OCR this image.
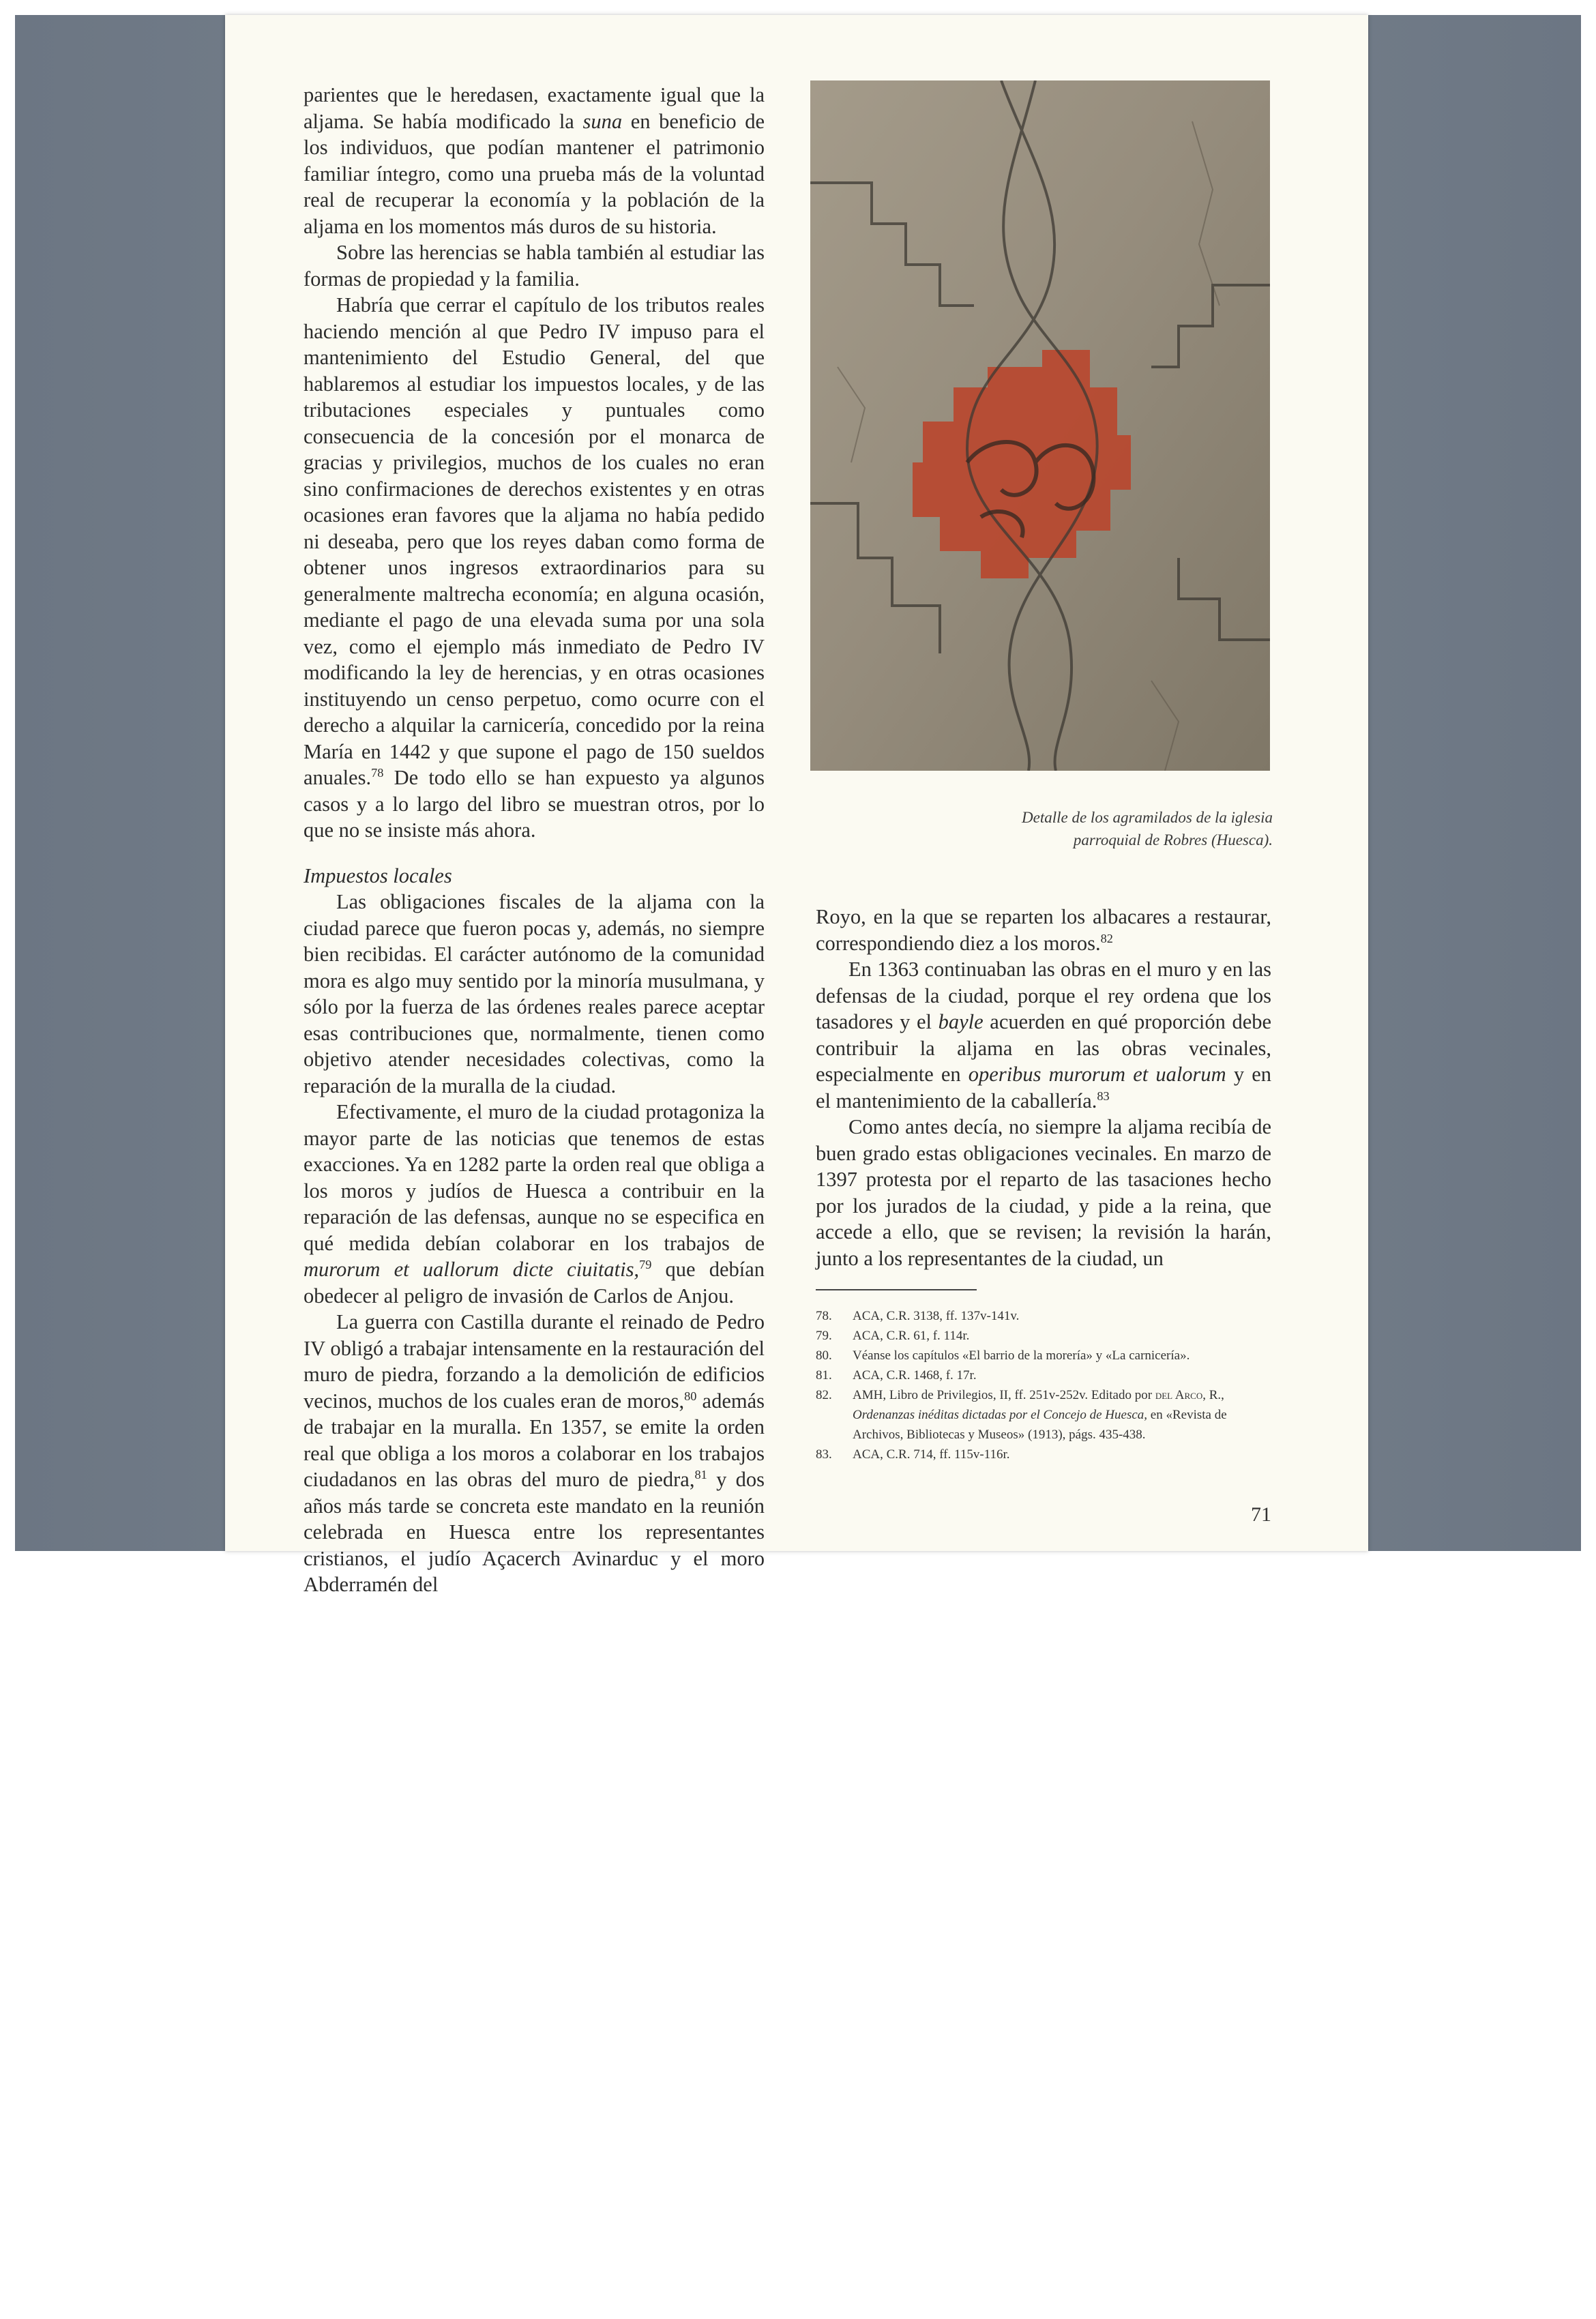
parientes que le heredasen, exactamente igual que la aljama. Se había modificado la suna en beneficio de los individuos, que podían mantener el patrimonio familiar íntegro, como una prueba más de la voluntad real de recuperar la economía y la población de la aljama en los momentos más duros de su historia.

Sobre las herencias se habla también al estudiar las formas de propiedad y la familia.

Habría que cerrar el capítulo de los tributos reales haciendo mención al que Pedro IV impuso para el mantenimiento del Estudio General, del que hablaremos al estudiar los impuestos locales, y de las tributaciones especiales y puntuales como consecuencia de la concesión por el monarca de gracias y privilegios, muchos de los cuales no eran sino confirmaciones de derechos existentes y en otras ocasiones eran favores que la aljama no había pedido ni deseaba, pero que los reyes daban como forma de obtener unos ingresos extraordinarios para su generalmente maltrecha economía; en alguna ocasión, mediante el pago de una elevada suma por una sola vez, como el ejemplo más inmediato de Pedro IV modificando la ley de herencias, y en otras ocasiones instituyendo un censo perpetuo, como ocurre con el derecho a alquilar la carnicería, concedido por la reina María en 1442 y que supone el pago de 150 sueldos anuales.$^{78}$ De todo ello se han expuesto ya algunos casos y a lo largo del libro se muestran otros, por lo que no se insiste más ahora.

Impuestos locales

Las obligaciones fiscales de la aljama con la ciudad parece que fueron pocas y, además, no siempre bien recibidas. El carácter autónomo de la comunidad mora es algo muy sentido por la minoría musulmana, y sólo por la fuerza de las órdenes reales parece aceptar esas contribuciones que, normalmente, tienen como objetivo atender necesidades colectivas, como la reparación de la muralla de la ciudad.

Efectivamente, el muro de la ciudad protagoniza la mayor parte de las noticias que tenemos de estas exacciones. Ya en 1282 parte la orden real que obliga a los moros y judíos de Huesca a contribuir en la reparación de las defensas, aunque no se especifica en qué medida debían colaborar en los trabajos de murorum et uallorum dicte ciuitatis,$^{79}$ que debían obedecer al peligro de invasión de Carlos de Anjou.

La guerra con Castilla durante el reinado de Pedro IV obligó a trabajar intensamente en la restauración del muro de piedra, forzando a la demolición de edificios vecinos, muchos de los cuales eran de moros,$^{80}$ además de trabajar en la muralla. En 1357, se emite la orden real que obliga a los moros a colaborar en los trabajos ciudadanos en las obras del muro de piedra,$^{81}$ y dos años más tarde se concreta este mandato en la reunión celebrada en Huesca entre los representantes cristianos, el judío Açacerch Avinarduc y el moro Abderramén del

Detalle de los agramilados de la iglesia parroquial de Robres (Huesca).

Royo, en la que se reparten los albacares a restaurar, correspondiendo diez a los moros.$^{82}$

En 1363 continuaban las obras en el muro y en las defensas de la ciudad, porque el rey ordena que los tasadores y el bayle acuerden en qué proporción debe contribuir la aljama en las obras vecinales, especialmente en operibus murorum et ualorum y en el mantenimiento de la caballería.$^{83}$

Como antes decía, no siempre la aljama recibía de buen grado estas obligaciones vecinales. En marzo de 1397 protesta por el reparto de las tasaciones hecho por los jurados de la ciudad, y pide a la reina, que accede a ello, que se revisen; la revisión la harán, junto a los representantes de la ciudad, un

78.	ACA, C.R. 3138, ff. 137v-141v.
79.	ACA, C.R. 61, f. 114r.
80.	Véanse los capítulos «El barrio de la morería» y «La carnicería».
81.	ACA, C.R. 1468, f. 17r.
82.	AMH, Libro de Privilegios, II, ff. 251v-252v. Editado por del Arco, R., Ordenanzas inéditas dictadas por el Concejo de Huesca, en «Revista de Archivos, Bibliotecas y Museos» (1913), págs. 435-438.
83.	ACA, C.R. 714, ff. 115v-116r.
71
